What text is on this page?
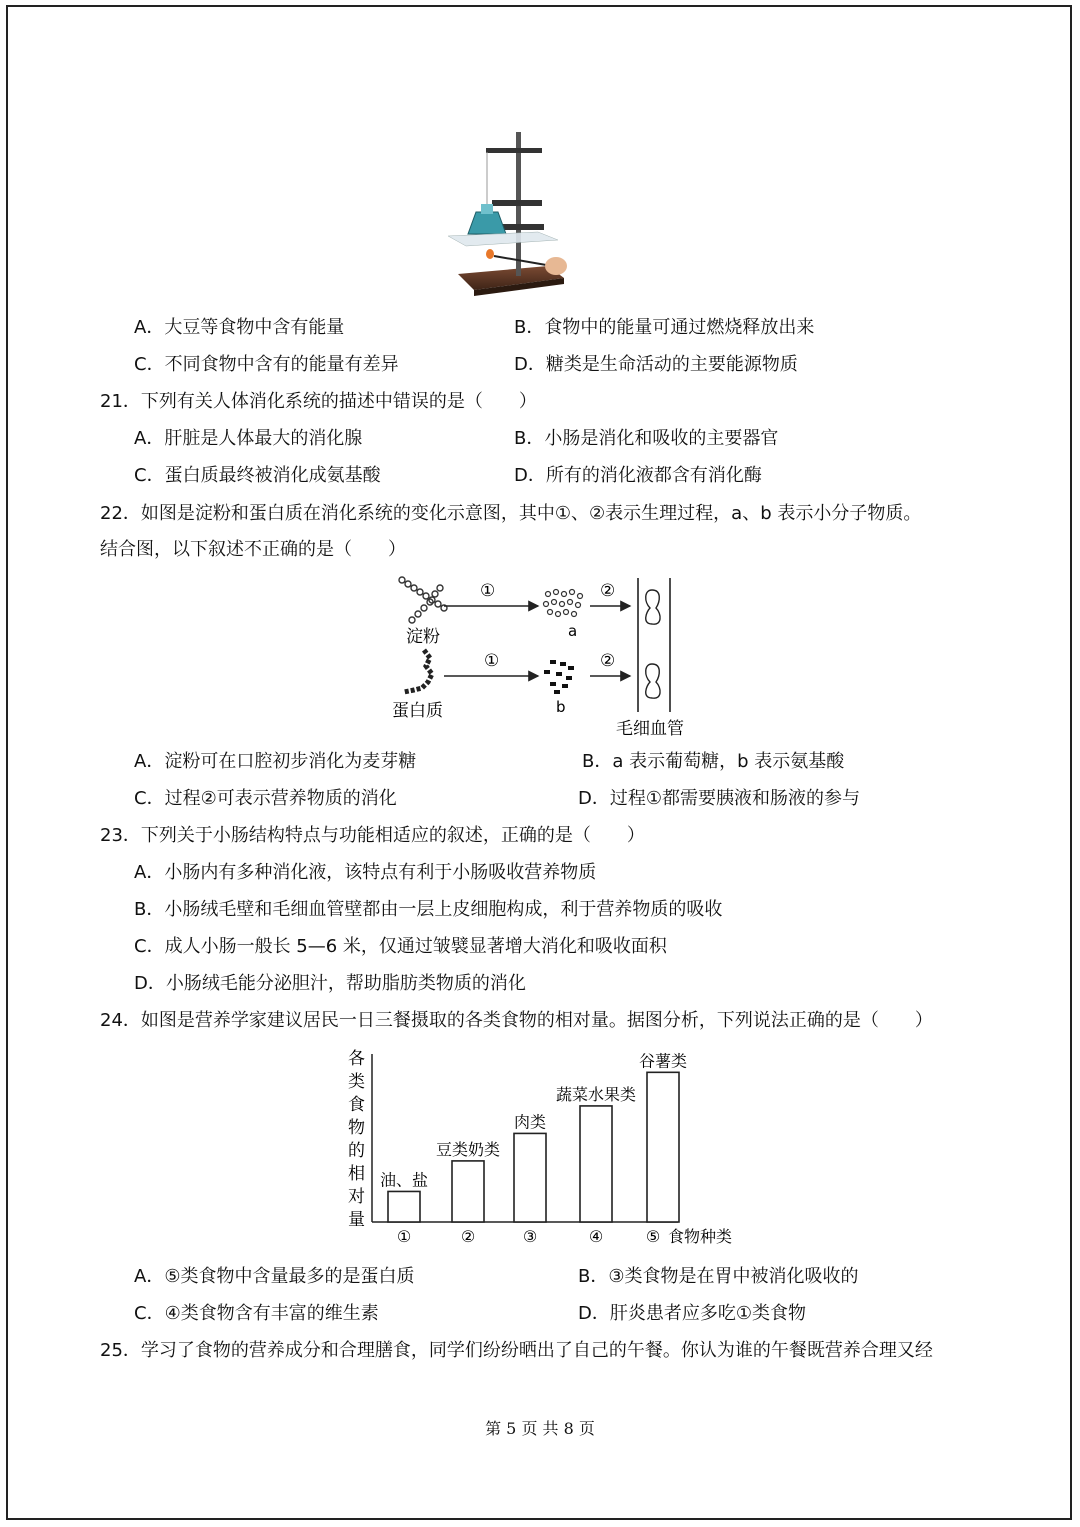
A．大豆等食物中含有能量	B．食物中的能量可通过燃烧释放出来
C．不同食物中含有的能量有差异	D．糖类是生命活动的主要能源物质
21．下列有关人体消化系统的描述中错误的是（　　）
A．肝脏是人体最大的消化腺	B．小肠是消化和吸收的主要器官
C．蛋白质最终被消化成氨基酸	D．所有的消化液都含有消化酶
22．如图是淀粉和蛋白质在消化系统的变化示意图，其中①、②表示生理过程，a、b 表示小分子物质。
结合图，以下叙述不正确的是（　　）
淀粉
蛋白质
①	②
①	②
a
b
毛细血管
A．淀粉可在口腔初步消化为麦芽糖	B．a 表示葡萄糖，b 表示氨基酸
C．过程②可表示营养物质的消化	D．过程①都需要胰液和肠液的参与
23．下列关于小肠结构特点与功能相适应的叙述，正确的是（　　）
A．小肠内有多种消化液，该特点有利于小肠吸收营养物质
B．小肠绒毛壁和毛细血管壁都由一层上皮细胞构成，利于营养物质的吸收
C．成人小肠一般长 5—6 米，仅通过皱襞显著增大消化和吸收面积
D．小肠绒毛能分泌胆汁，帮助脂肪类物质的消化
24．如图是营养学家建议居民一日三餐摄取的各类食物的相对量。据图分析，下列说法正确的是（　　）
各类食物的相对量
油、盐
①
豆类奶类
②
肉类
③
蔬菜水果类
④
谷薯类
⑤ 食物种类
A．⑤类食物中含量最多的是蛋白质	B．③类食物是在胃中被消化吸收的
C．④类食物含有丰富的维生素	D．肝炎患者应多吃①类食物
25．学习了食物的营养成分和合理膳食，同学们纷纷晒出了自己的午餐。你认为谁的午餐既营养合理又经
第 5 页 共 8 页
